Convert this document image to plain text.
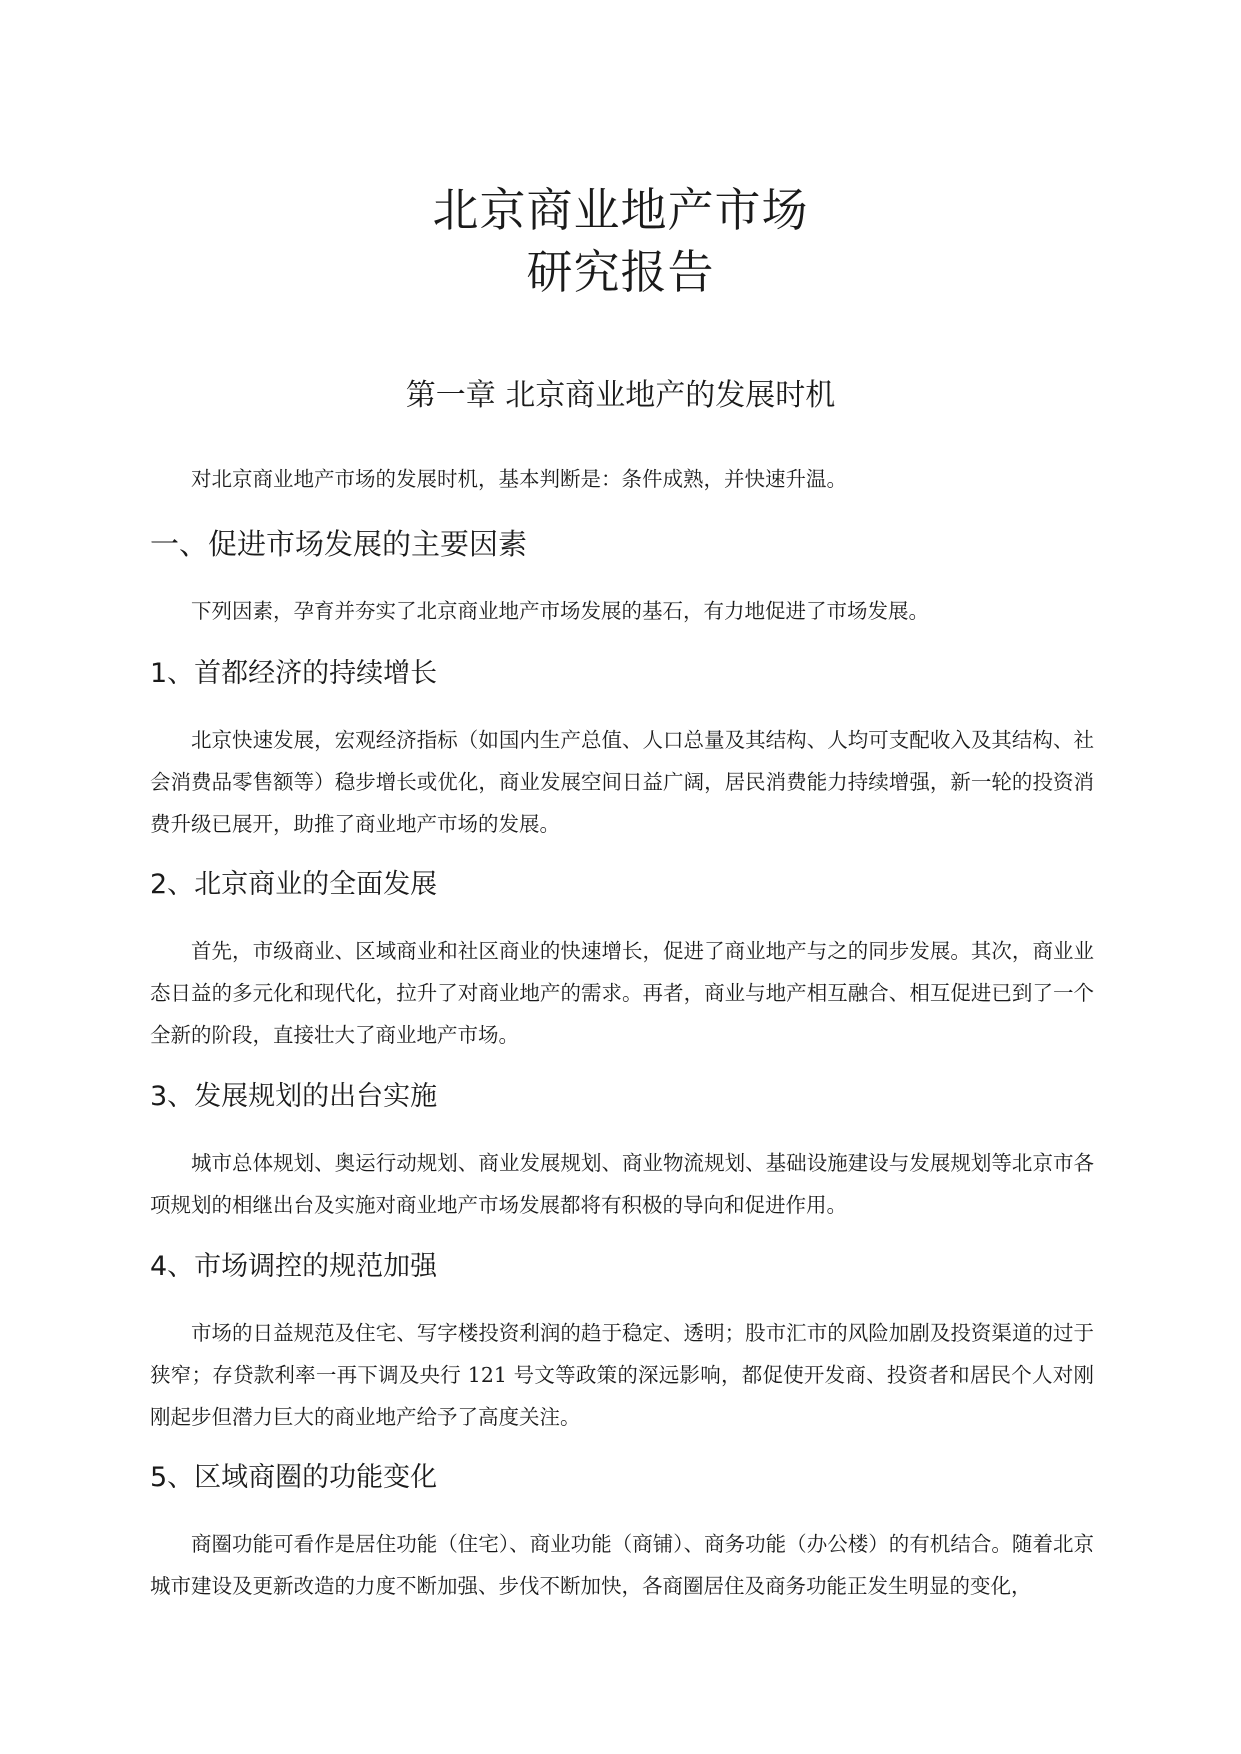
北京商业地产市场
研究报告
第一章 北京商业地产的发展时机

对北京商业地产市场的发展时机，基本判断是：条件成熟，并快速升温。

一、促进市场发展的主要因素

下列因素，孕育并夯实了北京商业地产市场发展的基石，有力地促进了市场发展。

1、首都经济的持续增长

北京快速发展，宏观经济指标（如国内生产总值、人口总量及其结构、人均可支配收入及其结构、社会消费品零售额等）稳步增长或优化，商业发展空间日益广阔，居民消费能力持续增强，新一轮的投资消费升级已展开，助推了商业地产市场的发展。

2、北京商业的全面发展

首先，市级商业、区域商业和社区商业的快速增长，促进了商业地产与之的同步发展。其次，商业业态日益的多元化和现代化，拉升了对商业地产的需求。再者，商业与地产相互融合、相互促进已到了一个全新的阶段，直接壮大了商业地产市场。

3、发展规划的出台实施

城市总体规划、奥运行动规划、商业发展规划、商业物流规划、基础设施建设与发展规划等北京市各项规划的相继出台及实施对商业地产市场发展都将有积极的导向和促进作用。

4、市场调控的规范加强

市场的日益规范及住宅、写字楼投资利润的趋于稳定、透明；股市汇市的风险加剧及投资渠道的过于狭窄；存贷款利率一再下调及央行 121 号文等政策的深远影响，都促使开发商、投资者和居民个人对刚刚起步但潜力巨大的商业地产给予了高度关注。

5、区域商圈的功能变化

商圈功能可看作是居住功能（住宅）、商业功能（商铺）、商务功能（办公楼）的有机结合。随着北京城市建设及更新改造的力度不断加强、步伐不断加快，各商圈居住及商务功能正发生明显的变化，
